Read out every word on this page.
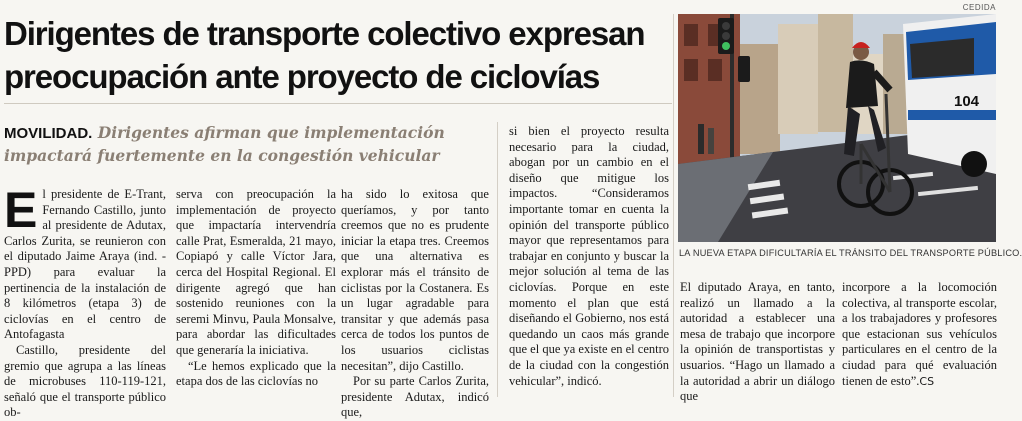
Dirigentes de transporte colectivo expresan preocupación ante proyecto de ciclovías
MOVILIDAD. Dirigentes afirman que implementación impactará fuertemente en la congestión vehicular

El presidente de E-Trant, Fernando Castillo, junto al presidente de Adutax, Carlos Zurita, se reunieron con el diputado Jaime Araya (ind. - PPD) para evaluar la pertinencia de la instalación de 8 kilómetros (etapa 3) de ciclovías en el centro de Antofagasta

Castillo, presidente del gremio que agrupa a las líneas de microbuses 110-119-121, señaló que el transporte público ob-

serva con preocupación la implementación de proyecto que impactaría intervendría calle Prat, Esmeralda, 21 mayo, Copiapó y calle Víctor Jara, cerca del Hospital Regional. El dirigente agregó que han sostenido reuniones con la seremi Minvu, Paula Monsalve, para abordar las dificultades que generaría la iniciativa.

“Le hemos explicado que la etapa dos de las ciclovías no

ha sido lo exitosa que queríamos, y por tanto creemos que no es prudente iniciar la etapa tres. Creemos que una alternativa es explorar más el tránsito de ciclistas por la Costanera. Es un lugar agradable para transitar y que además pasa cerca de todos los puntos de los usuarios ciclistas necesitan”, dijo Castillo.

Por su parte Carlos Zurita, presidente Adutax, indicó que,

si bien el proyecto resulta necesario para la ciudad, abogan por un cambio en el diseño que mitigue los impactos. “Consideramos importante tomar en cuenta la opinión del transporte público mayor que representamos para trabajar en conjunto y buscar la mejor solución al tema de las ciclovías. Porque en este momento el plan que está diseñando el Gobierno, nos está quedando un caos más grande que el que ya existe en el centro de la ciudad con la congestión vehicular”, indicó.

CEDIDA
104
LA NUEVA ETAPA DIFICULTARÍA EL TRÁNSITO DEL TRANSPORTE PÚBLICO.

El diputado Araya, en tanto, realizó un llamado a la autoridad a establecer una mesa de trabajo que incorpore la opinión de transportistas y usuarios. “Hago un llamado a la autoridad a abrir un diálogo que

incorpore a la locomoción colectiva, al transporte escolar, a los trabajadores y profesores que estacionan sus vehículos particulares en el centro de la ciudad para qué evaluación tienen de esto”.CS
